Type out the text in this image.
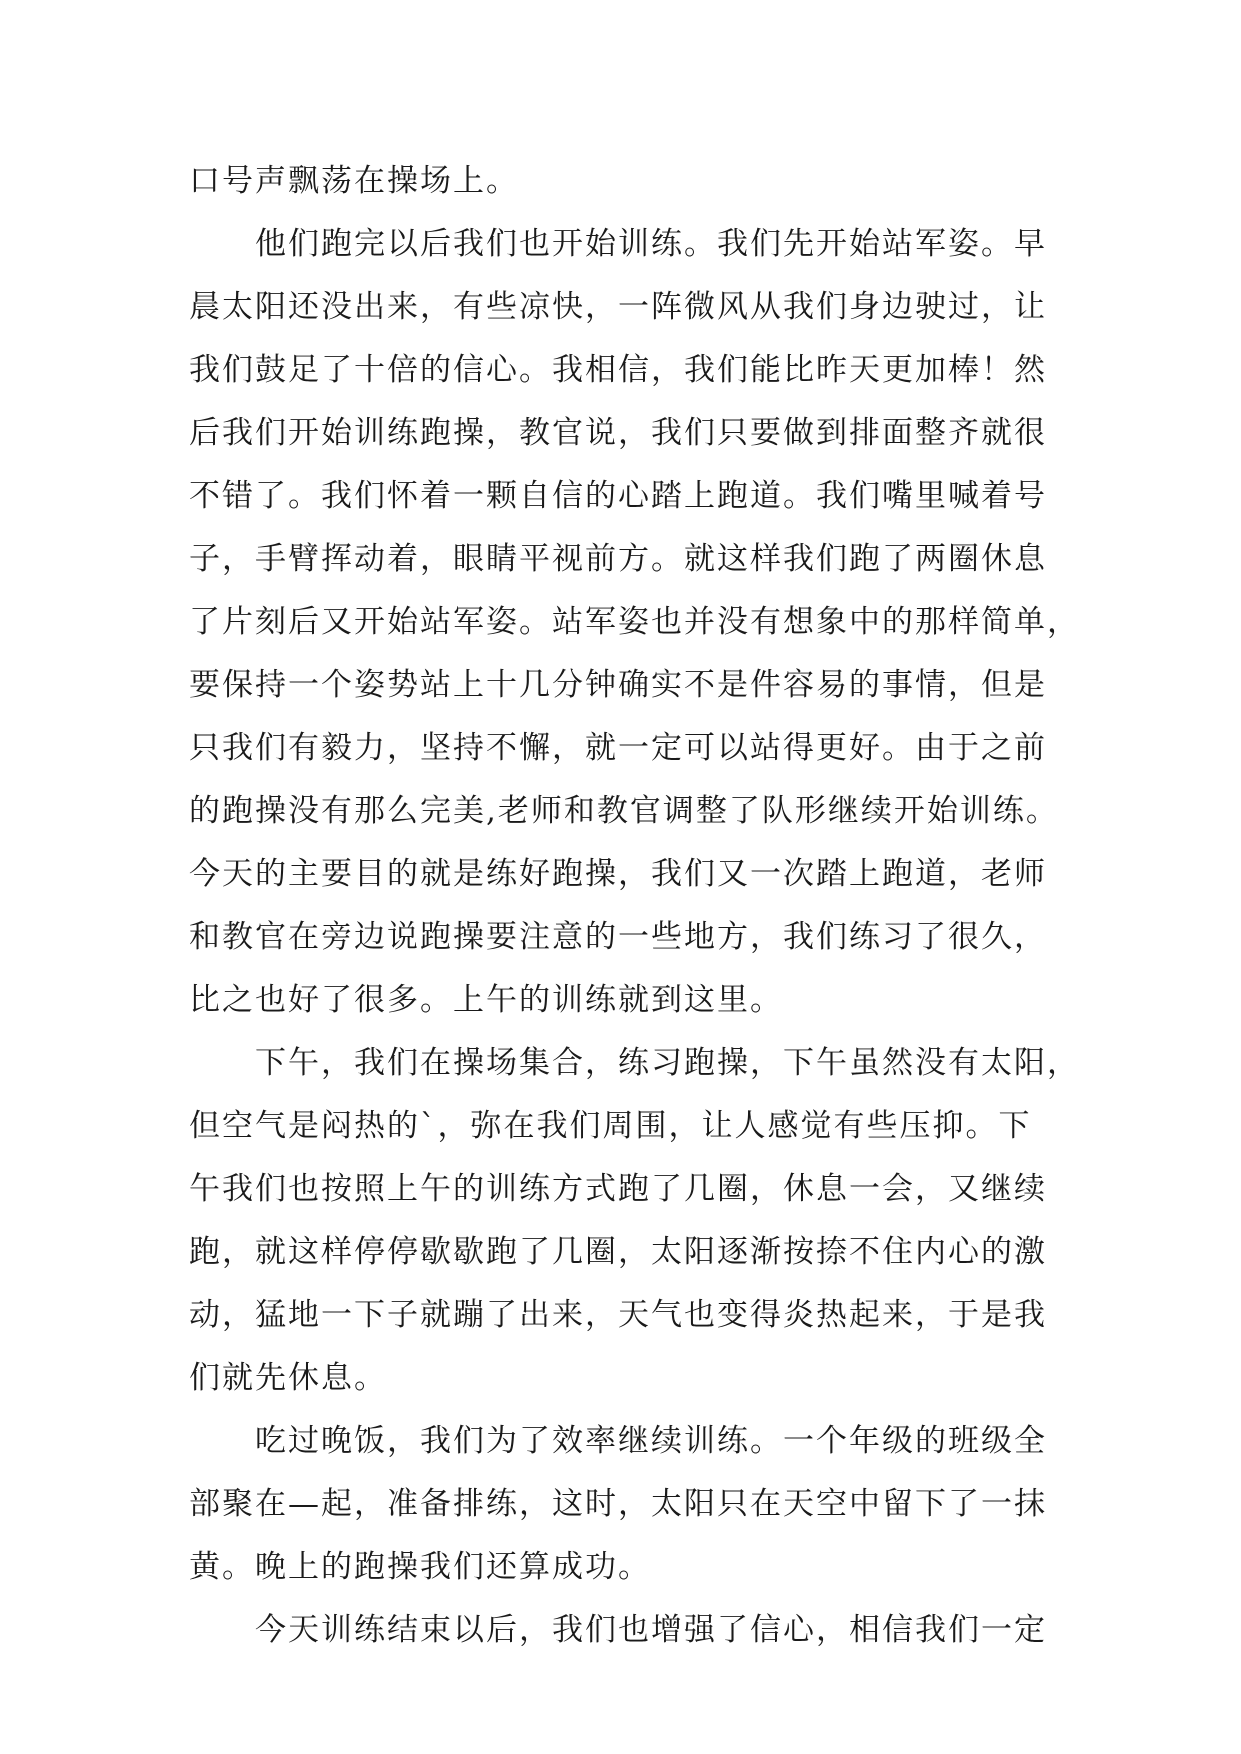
口号声飘荡在操场上。
他们跑完以后我们也开始训练。我们先开始站军姿。早
晨太阳还没出来，有些凉快，一阵微风从我们身边驶过，让
我们鼓足了十倍的信心。我相信，我们能比昨天更加棒！然
后我们开始训练跑操，教官说，我们只要做到排面整齐就很
不错了。我们怀着一颗自信的心踏上跑道。我们嘴里喊着号
子，手臂挥动着，眼睛平视前方。就这样我们跑了两圈休息
了片刻后又开始站军姿。站军姿也并没有想象中的那样简单，
要保持一个姿势站上十几分钟确实不是件容易的事情，但是
只我们有毅力，坚持不懈，就一定可以站得更好。由于之前
的跑操没有那么完美,老师和教官调整了队形继续开始训练。
今天的主要目的就是练好跑操，我们又一次踏上跑道，老师
和教官在旁边说跑操要注意的一些地方，我们练习了很久，
比之也好了很多。上午的训练就到这里。
下午，我们在操场集合，练习跑操，下午虽然没有太阳，
但空气是闷热的`，弥在我们周围，让人感觉有些压抑。下
午我们也按照上午的训练方式跑了几圈，休息一会，又继续
跑，就这样停停歇歇跑了几圈，太阳逐渐按捺不住内心的激
动，猛地一下子就蹦了出来，天气也变得炎热起来，于是我
们就先休息。
吃过晚饭，我们为了效率继续训练。一个年级的班级全
部聚在—起，准备排练，这时，太阳只在天空中留下了一抹
黄。晚上的跑操我们还算成功。
今天训练结束以后，我们也增强了信心，相信我们一定
